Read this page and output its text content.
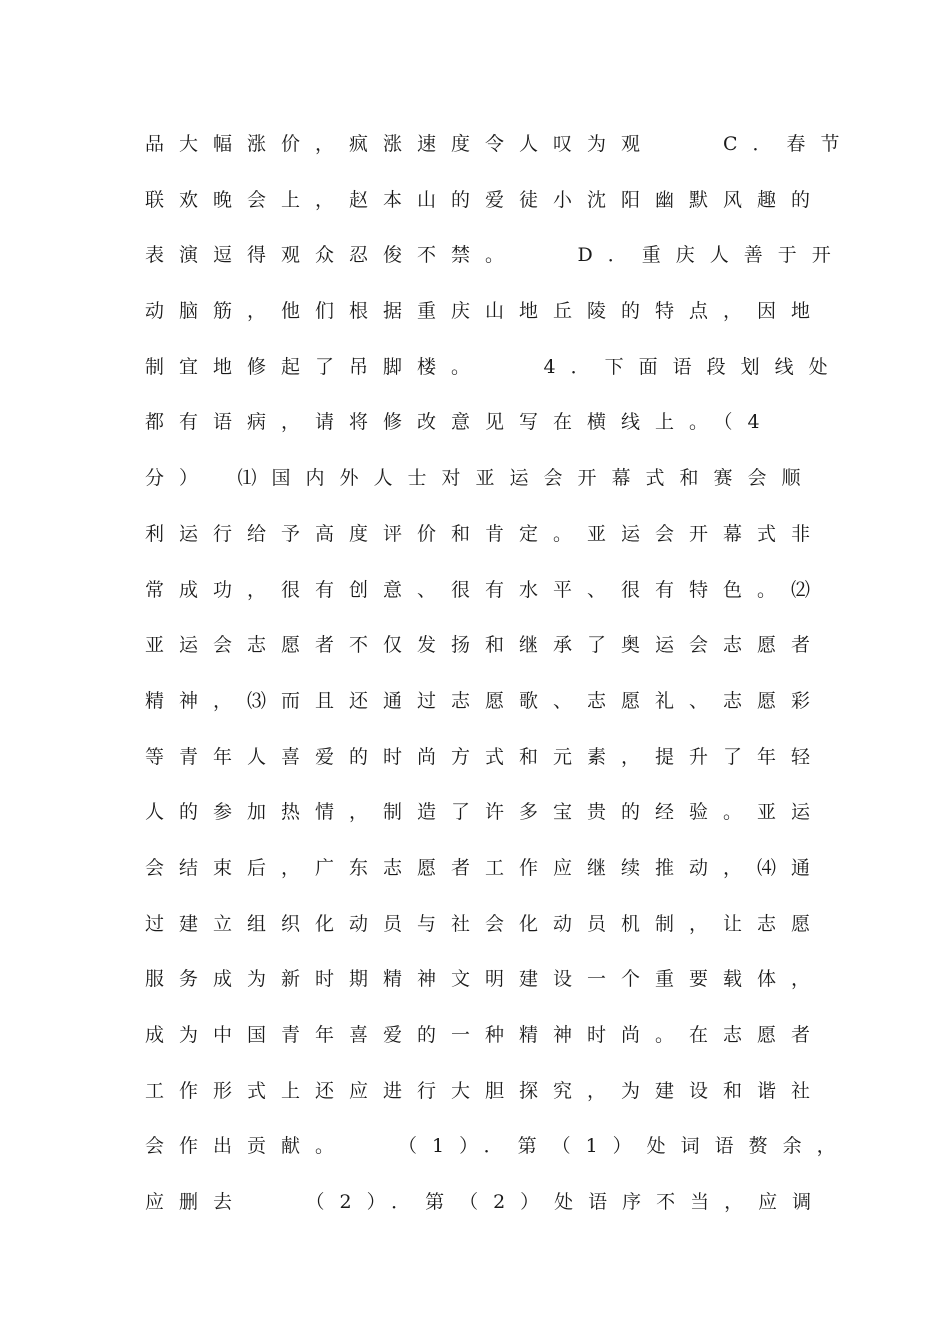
品大幅涨价，疯涨速度令人叹为观　　C．春节
联欢晚会上，赵本山的爱徒小沈阳幽默风趣的
表演逗得观众忍俊不禁。　　D．重庆人善于开
动脑筋，他们根据重庆山地丘陵的特点，因地
制宜地修起了吊脚楼。　　4．下面语段划线处
都有语病，请将修改意见写在横线上。（4
分）　⑴国内外人士对亚运会开幕式和赛会顺
利运行给予高度评价和肯定。亚运会开幕式非
常成功，很有创意、很有水平、很有特色。⑵
亚运会志愿者不仅发扬和继承了奥运会志愿者
精神，⑶而且还通过志愿歌、志愿礼、志愿彩
等青年人喜爱的时尚方式和元素，提升了年轻
人的参加热情，制造了许多宝贵的经验。亚运
会结束后，广东志愿者工作应继续推动，⑷通
过建立组织化动员与社会化动员机制，让志愿
服务成为新时期精神文明建设一个重要载体，
成为中国青年喜爱的一种精神时尚。在志愿者
工作形式上还应进行大胆探究，为建设和谐社
会作出贡献。　　（1）．第（1）处词语赘余，
应删去　　（2）．第（2）处语序不当，应调
